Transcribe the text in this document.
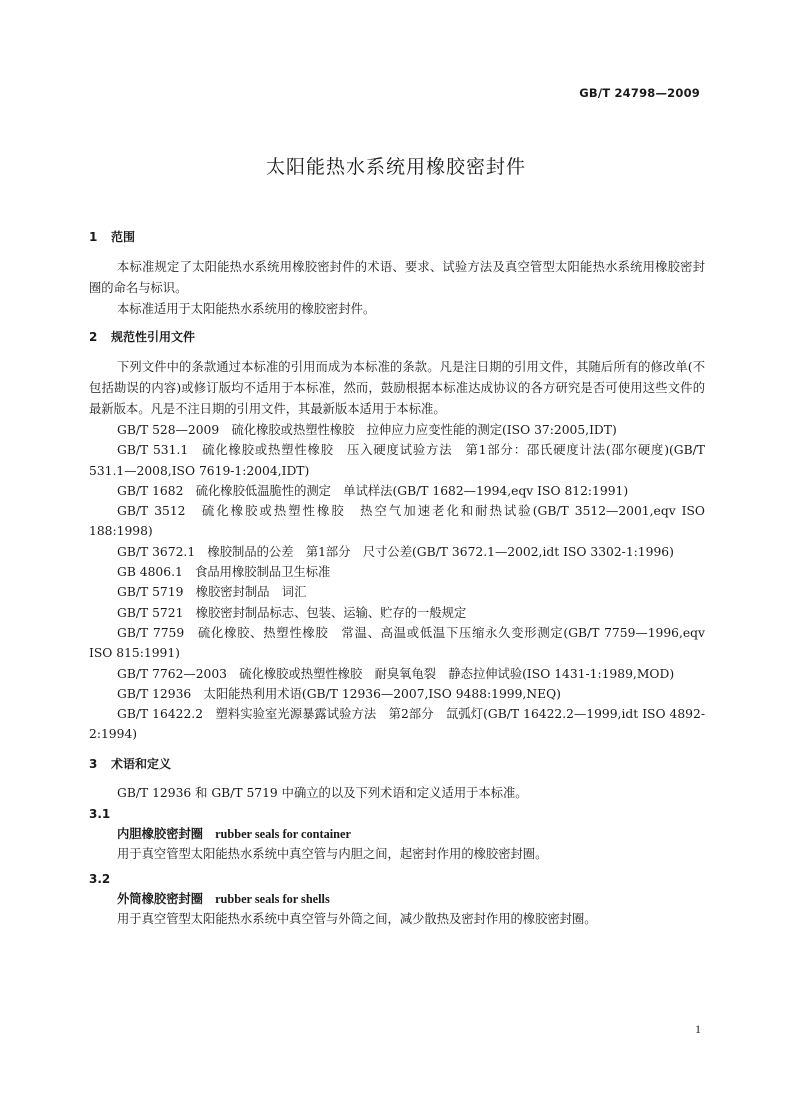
GB/T 24798—2009
太阳能热水系统用橡胶密封件
1 范围
本标准规定了太阳能热水系统用橡胶密封件的术语、要求、试验方法及真空管型太阳能热水系统用橡胶密封圈的命名与标识。
本标准适用于太阳能热水系统用的橡胶密封件。
2 规范性引用文件
下列文件中的条款通过本标准的引用而成为本标准的条款。凡是注日期的引用文件，其随后所有的修改单(不包括勘误的内容)或修订版均不适用于本标准，然而，鼓励根据本标准达成协议的各方研究是否可使用这些文件的最新版本。凡是不注日期的引用文件，其最新版本适用于本标准。
GB/T 528—2009　硫化橡胶或热塑性橡胶　拉伸应力应变性能的测定(ISO 37:2005,IDT)
GB/T 531.1　硫化橡胶或热塑性橡胶　压入硬度试验方法　第1部分：邵氏硬度计法(邵尔硬度)(GB/T 531.1—2008,ISO 7619-1:2004,IDT)
GB/T 1682　硫化橡胶低温脆性的测定　单试样法(GB/T 1682—1994,eqv ISO 812:1991)
GB/T 3512　硫化橡胶或热塑性橡胶　热空气加速老化和耐热试验(GB/T 3512—2001,eqv ISO 188:1998)
GB/T 3672.1　橡胶制品的公差　第1部分　尺寸公差(GB/T 3672.1—2002,idt ISO 3302-1:1996)
GB 4806.1　食品用橡胶制品卫生标准
GB/T 5719　橡胶密封制品　词汇
GB/T 5721　橡胶密封制品标志、包装、运输、贮存的一般规定
GB/T 7759　硫化橡胶、热塑性橡胶　常温、高温或低温下压缩永久变形测定(GB/T 7759—1996,eqv ISO 815:1991)
GB/T 7762—2003　硫化橡胶或热塑性橡胶　耐臭氧龟裂　静态拉伸试验(ISO 1431-1:1989,MOD)
GB/T 12936　太阳能热利用术语(GB/T 12936—2007,ISO 9488:1999,NEQ)
GB/T 16422.2　塑料实验室光源暴露试验方法　第2部分　氙弧灯(GB/T 16422.2—1999,idt ISO 4892-2:1994)
3 术语和定义
GB/T 12936 和 GB/T 5719 中确立的以及下列术语和定义适用于本标准。
3.1
内胆橡胶密封圈 rubber seals for container
用于真空管型太阳能热水系统中真空管与内胆之间，起密封作用的橡胶密封圈。
3.2
外筒橡胶密封圈 rubber seals for shells
用于真空管型太阳能热水系统中真空管与外筒之间，减少散热及密封作用的橡胶密封圈。
1
